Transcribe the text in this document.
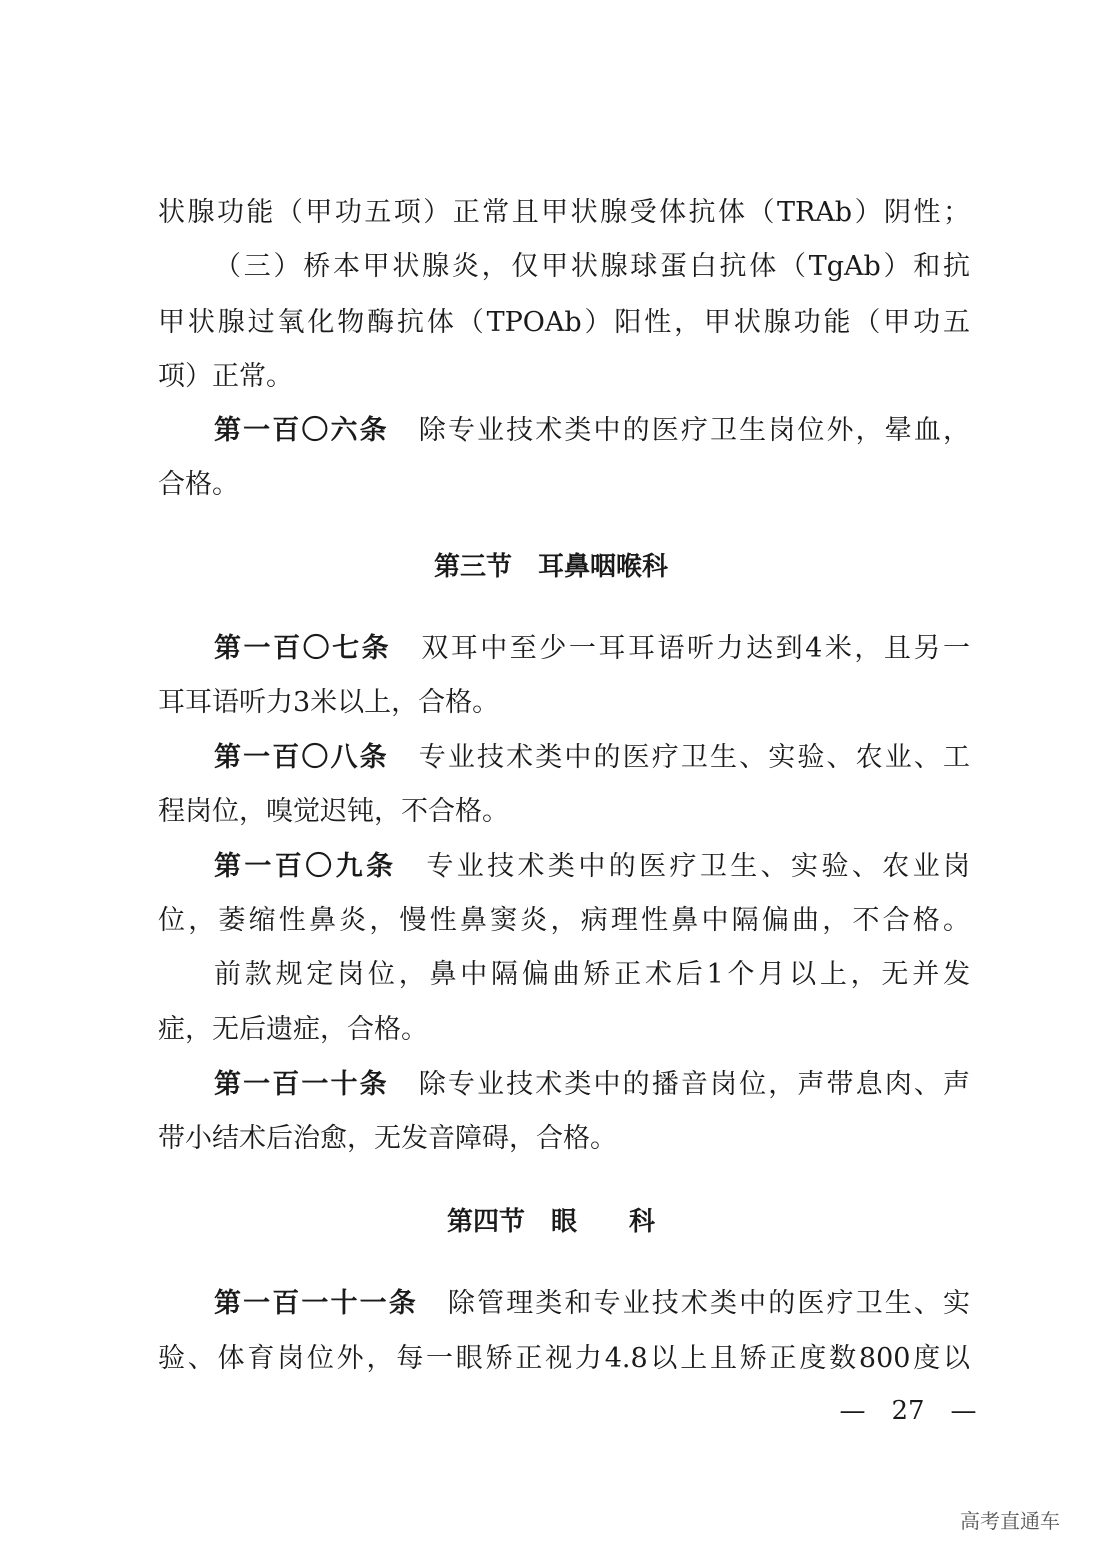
状腺功能（甲功五项）正常且甲状腺受体抗体（TRAb）阴性；
（三）桥本甲状腺炎，仅甲状腺球蛋白抗体（TgAb）和抗
甲状腺过氧化物酶抗体（TPOAb）阳性，甲状腺功能（甲功五
项）正常。
第一百〇六条 除专业技术类中的医疗卫生岗位外，晕血，
合格。
第三节　耳鼻咽喉科
第一百〇七条 双耳中至少一耳耳语听力达到4米，且另一
耳耳语听力3米以上，合格。
第一百〇八条 专业技术类中的医疗卫生、实验、农业、工
程岗位，嗅觉迟钝，不合格。
第一百〇九条 专业技术类中的医疗卫生、实验、农业岗
位，萎缩性鼻炎，慢性鼻窦炎，病理性鼻中隔偏曲，不合格。
前款规定岗位，鼻中隔偏曲矫正术后1个月以上，无并发
症，无后遗症，合格。
第一百一十条 除专业技术类中的播音岗位，声带息肉、声
带小结术后治愈，无发音障碍，合格。
第四节　眼　　科
第一百一十一条 除管理类和专业技术类中的医疗卫生、实
验、体育岗位外，每一眼矫正视力4.8以上且矫正度数800度以
—　27　—
高考直通车
